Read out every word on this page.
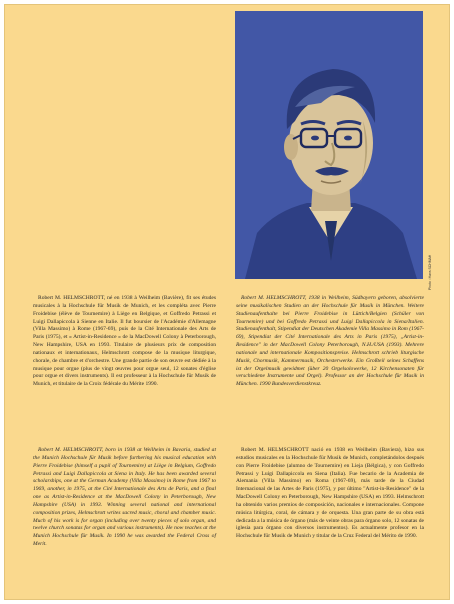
Photo : Hans SCHMAH

Robert M. HELMSCHROTT, né en 1938 à Weilheim (Bavière), fit ses études musicales à la Hochschule für Musik de Munich, et les compléta avec Pierre Froidebise (élève de Tournemire) à Liège en Belgique, et Goffredo Petrassi et Luigi Dallapiccola à Sienne en Italie. Il fut boursier de l'Académie d'Allemagne (Villa Massimo) à Rome (1967-69), puis de la Cité Internationale des Arts de Paris (1975), et « Artist-in-Residence » de la MacDowell Colony à Peterborough, New Hampshire, USA en 1993. Titulaire de plusieurs prix de composition nationaux et internationaux, Helmschrott compose de la musique liturgique, chorale, de chambre et d'orchestre. Une grande partie de son œuvre est dédiée à la musique pour orgue (plus de vingt œuvres pour orgue seul, 12 sonates d'église pour orgue et divers instruments). Il est professeur à la Hochschule für Musik de Munich, et titulaire de la Croix fédérale du Mérite 1990.

Robert M. HELMSCHROTT, 1938 in Weilheim, Südbayern geboren, absolvierte seine musikalischen Studien an der Hochschule für Musik in München. Weitere Studienaufenthalte bei Pierre Froidebise in Lüttich/Belgien (Schüler von Tournemire) und bei Goffredo Petrassi und Luigi Dallapiccola in Siena/Italien. Studienaufenthalt, Stipendiat der Deutschen Akademie Villa Massimo in Rom (1967-69), Stipendiat der Cité Internationale des Arts in Paris (1975), „Artist-in-Residence" in der MacDowell Colony Peterborough, N.H./USA (1993). Mehrere nationale und internationale Kompositionspreise. Helmschrott schrieb liturgische Musik, Chormusik, Kammermusik, Orchesterwerke. Ein Großteil seines Schaffens ist der Orgelmusik gewidmet (über 20 Orgelsolowerke, 12 Kirchensonaten für verschiedene Instrumente und Orgel). Professor an der Hochschule für Musik in München. 1990 Bundesverdienstkreuz.

Robert M. HELMSCHROTT, born in 1938 at Weilheim in Bavaria, studied at the Munich Hochschule für Musik before furthering his musical education with Pierre Froidebise (himself a pupil of Tournemire) at Liège in Belgium, Goffredo Petrassi and Luigi Dallapiccola at Siena in Italy. He has been awarded several scholarships, one at the German Academy (Villa Massimo) in Rome from 1967 to 1969, another, in 1975, at the Cité Internationale des Arts de Paris, and a final one as Artist-in-Residence at the MacDowell Colony in Peterborough, New Hampshire (USA) in 1993. Winning several national and international composition prizes, Helmschrott writes sacred music, choral and chamber music. Much of his work is for organ (including over twenty pieces of solo organ, and twelve church sonatas for organ and various instruments). He now teaches at the Munich Hochschule für Musik. In 1990 he was awarded the Federal Cross of Merit.

Robert M. HELMSCHROTT nació en 1938 en Weilheim (Baviera), hizo sus estudios musicales en la Hochschule für Musik de Munich, completándolos después con Pierre Froidebise (alumno de Tournemire) en Lieja (Bélgica), y con Goffredo Petrassi y Luigi Dallapiccola en Siena (Italia). Fue becario de la Academia de Alemania (Villa Massimo) en Roma (1967-69), más tarde de la Ciudad Internacional de las Artes de Paris (1975), y por último "Artist-in-Residence" de la MacDowell Colony en Peterborough, New Hampshire (USA) en 1993. Helmschrott ha obtenido varios premios de composición, nacionales e internacionales. Compone música litúrgica, coral, de cámara y de orquesta. Una gran parte de su obra está dedicada a la música de órgano (más de veinte obras para órgano solo, 12 sonatas de iglesia para órgano con diversos instrumentos). Es actualmente profesor en la Hochschule für Musik de Munich y titular de la Cruz Federal del Mérito de 1990.
